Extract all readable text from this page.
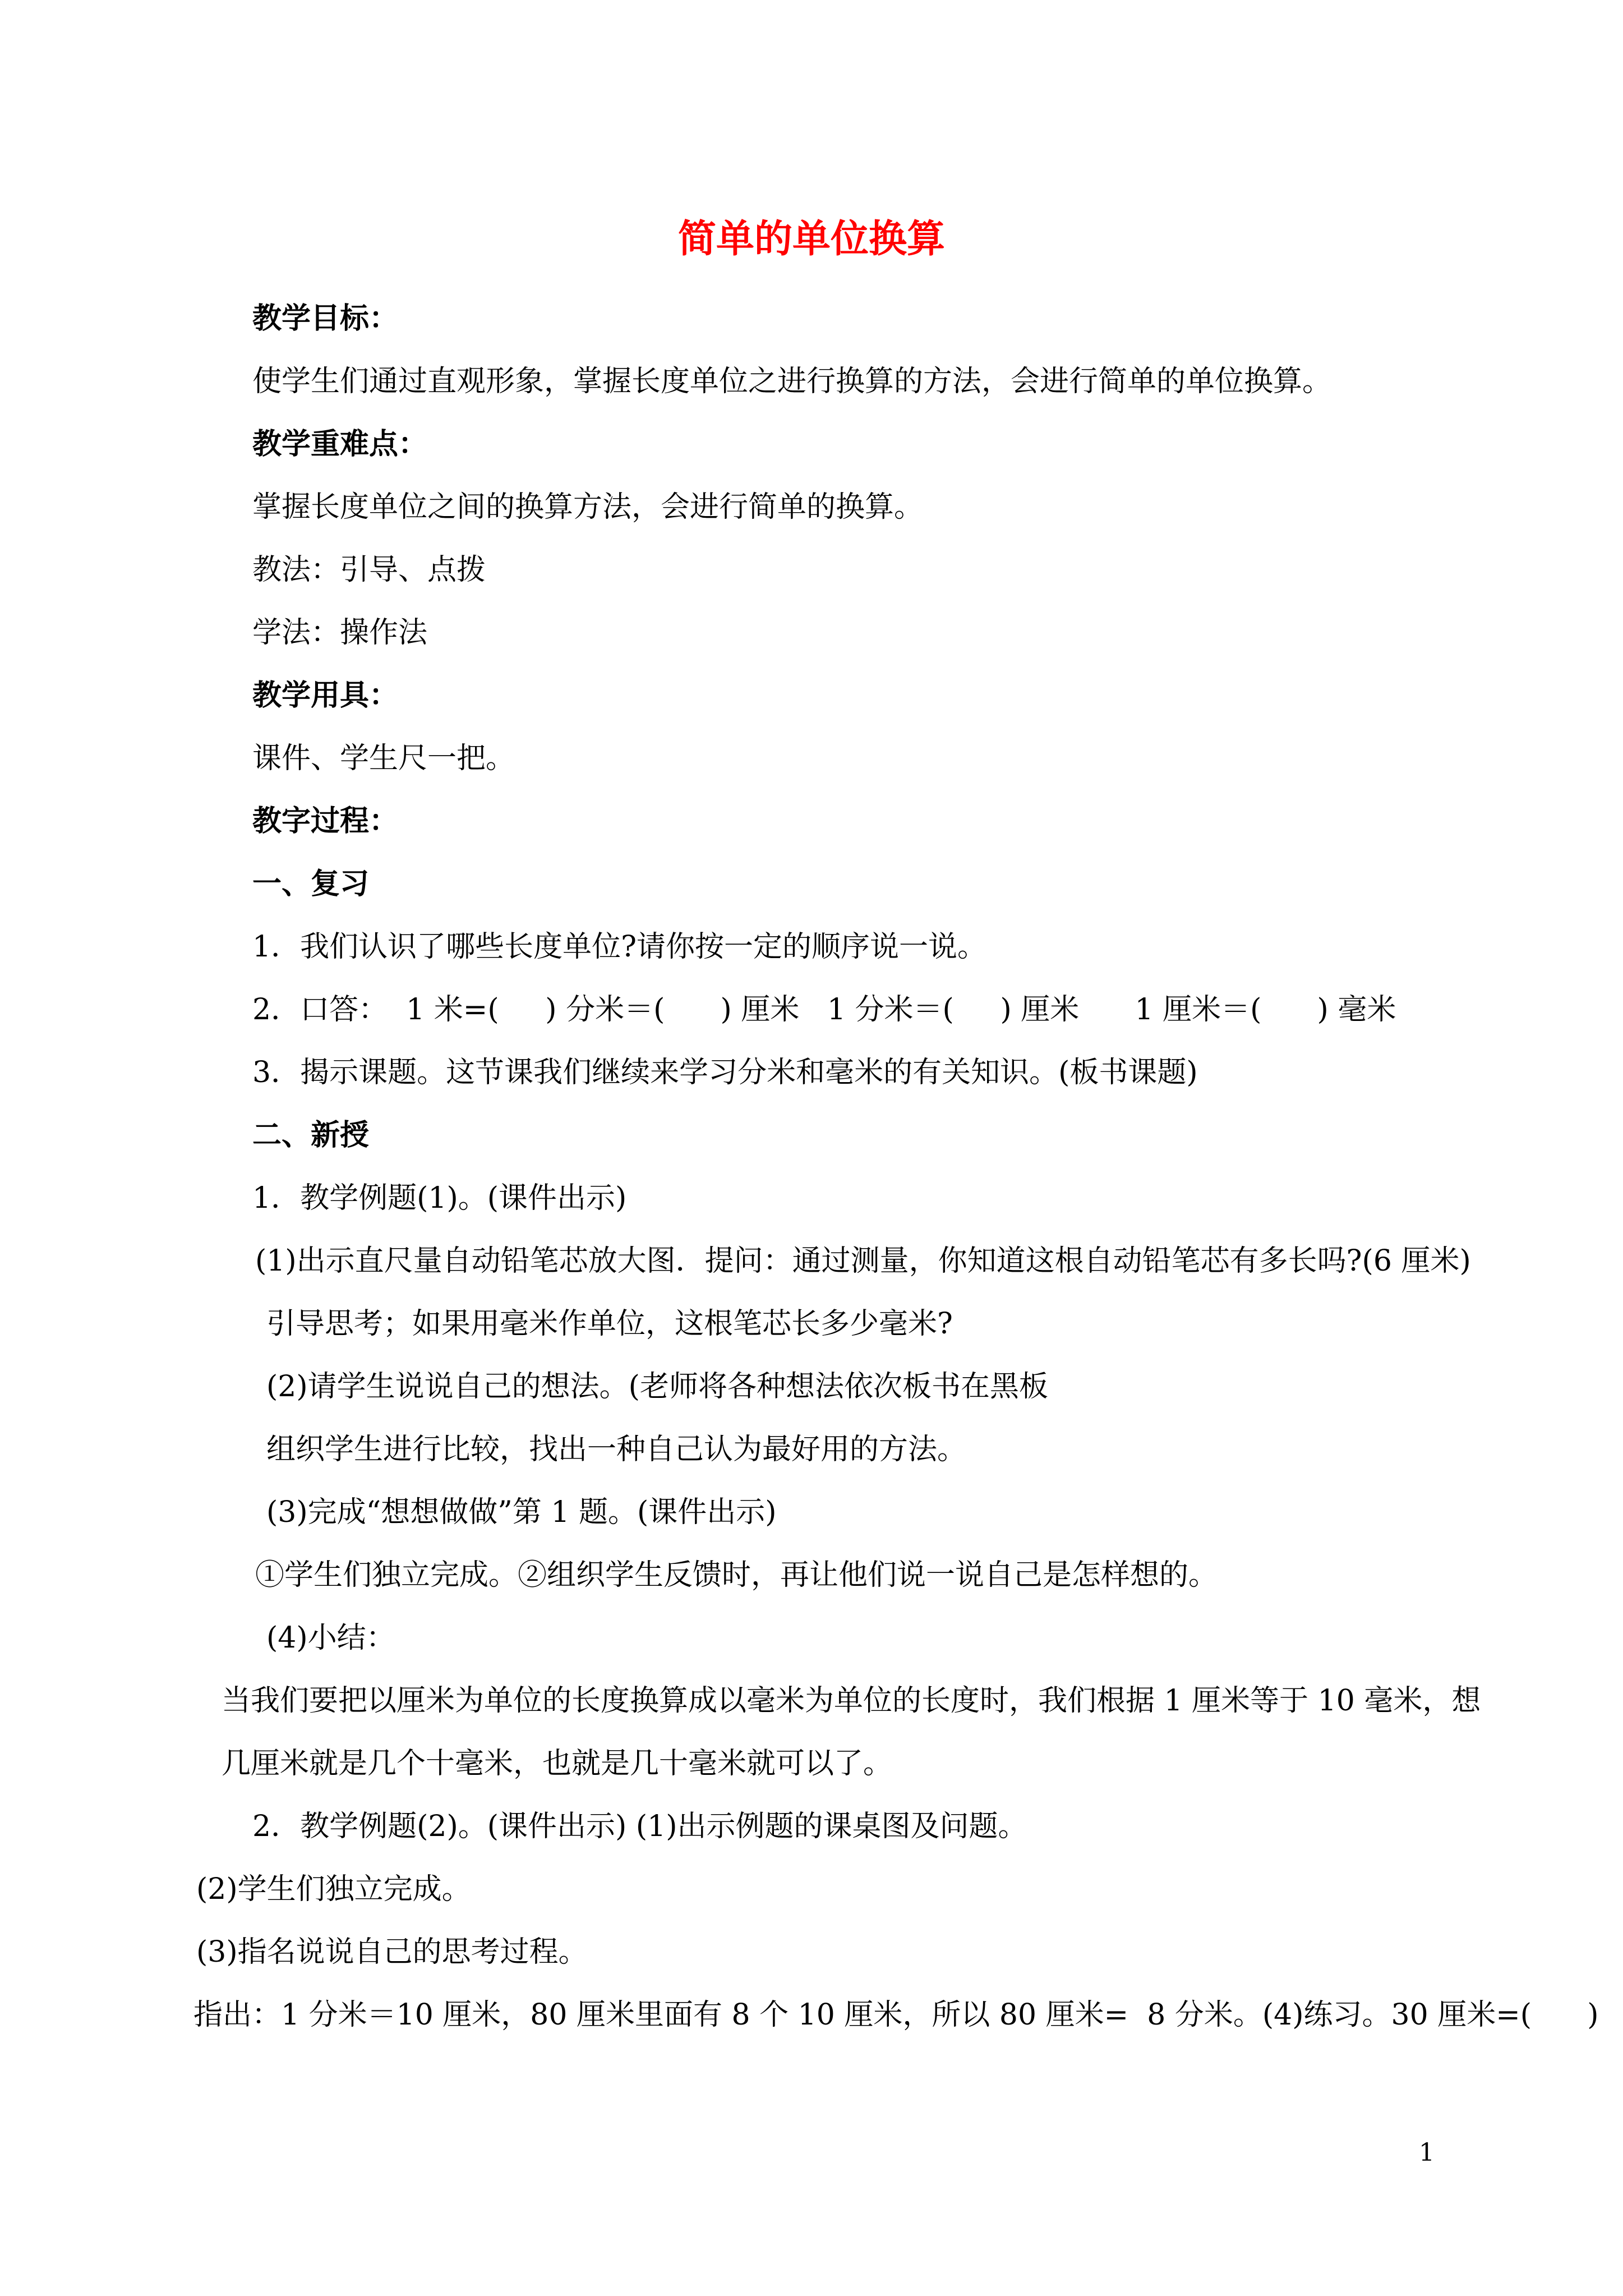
简单的单位换算
教学目标：
使学生们通过直观形象，掌握长度单位之进行换算的方法，会进行简单的单位换算。
教学重难点：
掌握长度单位之间的换算方法，会进行简单的换算。
教法：引导、点拨
学法：操作法
教学用具：
课件、学生尺一把。
教字过程：
一、复习
1．我们认识了哪些长度单位?请你按一定的顺序说一说。
2．口答：  1 米=(     ) 分米＝(      ) 厘米   1 分米＝(     ) 厘米      1 厘米＝(      ) 毫米
3．揭示课题。这节课我们继续来学习分米和毫米的有关知识。(板书课题)
二、新授
1．教学例题(1)。(课件出示)
(1)出示直尺量自动铅笔芯放大图．提问：通过测量，你知道这根自动铅笔芯有多长吗?(6 厘米)
引导思考；如果用毫米作单位，这根笔芯长多少毫米?
(2)请学生说说自己的想法。(老师将各种想法依次板书在黑板
组织学生进行比较，找出一种自己认为最好用的方法。
(3)完成“想想做做”第 1 题。(课件出示)
①学生们独立完成。②组织学生反馈时，再让他们说一说自己是怎样想的。
(4)小结：
当我们要把以厘米为单位的长度换算成以毫米为单位的长度时，我们根据 1 厘米等于 10 毫米，想
几厘米就是几个十毫米，也就是几十毫米就可以了。
2．教学例题(2)。(课件出示) (1)出示例题的课桌图及问题。
(2)学生们独立完成。
(3)指名说说自己的思考过程。
指出：1 分米＝10 厘米，80 厘米里面有 8 个 10 厘米，所以 80 厘米=  8 分米。(4)练习。30 厘米=(      )
1
